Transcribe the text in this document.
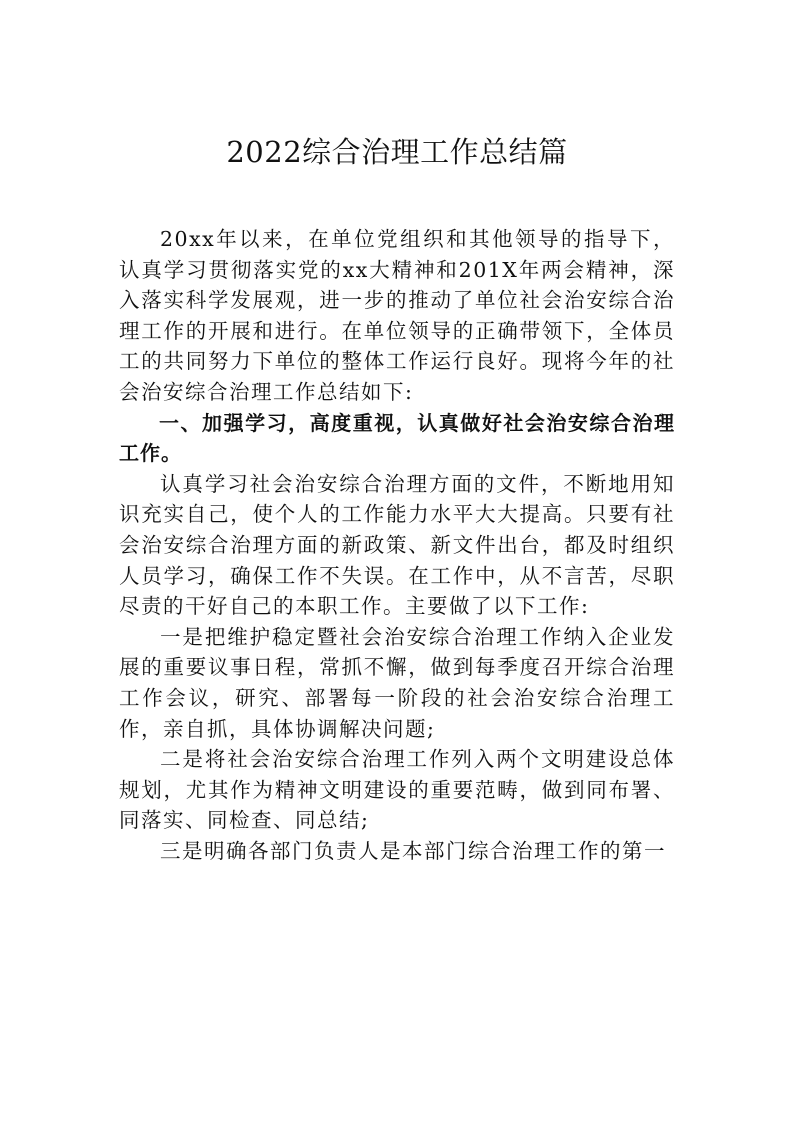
2022综合治理工作总结篇

20xx年以来，在单位党组织和其他领导的指导下，认真学习贯彻落实党的xx大精神和201X年两会精神，深入落实科学发展观，进一步的推动了单位社会治安综合治理工作的开展和进行。在单位领导的正确带领下，全体员工的共同努力下单位的整体工作运行良好。现将今年的社会治安综合治理工作总结如下:

一、加强学习，高度重视，认真做好社会治安综合治理工作。

认真学习社会治安综合治理方面的文件，不断地用知识充实自己，使个人的工作能力水平大大提高。只要有社会治安综合治理方面的新政策、新文件出台，都及时组织人员学习，确保工作不失误。在工作中，从不言苦，尽职尽责的干好自己的本职工作。主要做了以下工作:

一是把维护稳定暨社会治安综合治理工作纳入企业发展的重要议事日程，常抓不懈，做到每季度召开综合治理工作会议，研究、部署每一阶段的社会治安综合治理工作，亲自抓，具体协调解决问题;

二是将社会治安综合治理工作列入两个文明建设总体规划，尤其作为精神文明建设的重要范畴，做到同布署、同落实、同检查、同总结;

三是明确各部门负责人是本部门综合治理工作的第一
